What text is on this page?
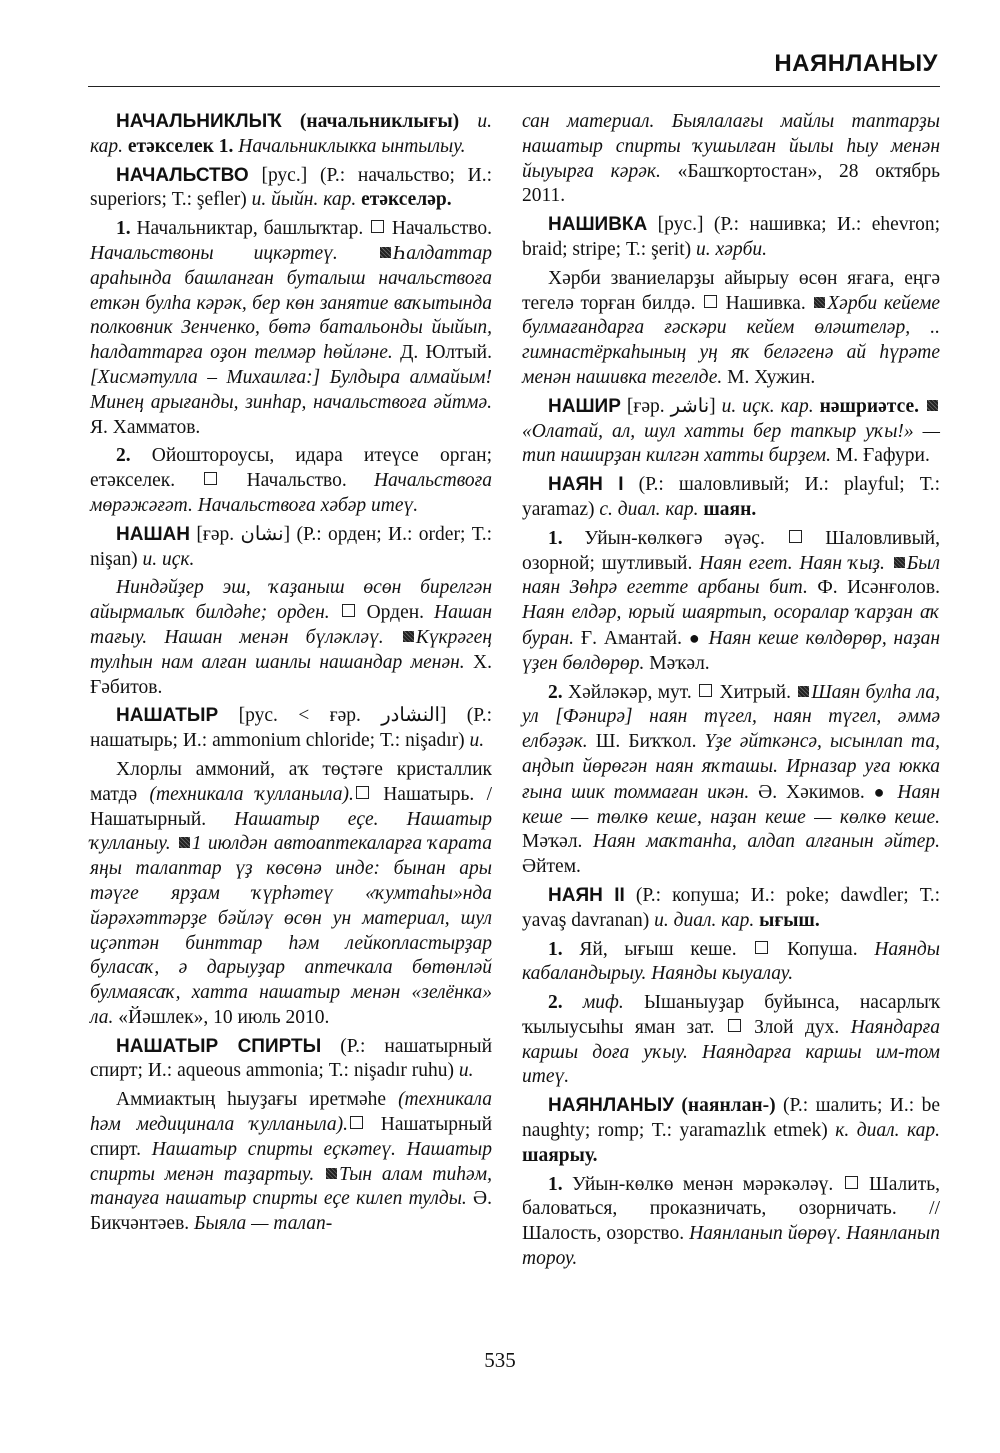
НАЯНЛАНЫУ

НАЧАЛЬНИКЛЫҠ (начальниклығы) и. кар. етәкселек 1. Начальниклыкка ынтылыу.

НАЧАЛЬСТВО [рус.] (Р.: начальство; И.: superiors; Т.: şefler) и. йыйн. кар. етәкселәр.

1. Начальниктар, башлыҡтар.  Начальство. Начальствоны ицкәртеү. Һалдаттар араһында башланған буталыш начальствоға еткән булһа кәрәк, бер көн занятие ваҡытында полковник Зенченко, бөтә батальонды йыйып, һалдаттарға оҙон телмәр һөйләне. Д. Юлтый. [Хисмәтулла – Михаилға:] Булдыра алмайым! Минең арығанды, зинһар, начальствоға әйтмә. Я. Хамматов.

2. Ойоштороусы, идара итеүсе орган; етәкселек.  Начальство. Начальствоға мөрәжәғәт. Начальствоға хәбәр итеү.

НАШАН [ғәр. نشان] (Р.: орден; И.: order; Т.: nişan) и. иҫк.

Ниндәйҙер эш, ҡаҙаныш өсөн бирелгән айырмалыҡ билдәһе; орден.  Орден. Нашан тағыу. Нашан менән бүләкләү. Күкрәгең тулһын нам алған шанлы нашандар менән. Х. Ғәбитов.

НАШАТЫР [рус. < ғәр. النشادر] (Р.: нашатырь; И.: ammonium chloride; Т.: nişadır) и.

Хлорлы аммоний, аҡ төҫтәге кристаллик матдә (техникала ҡулланыла). Нашатырь. / Нашатырный. Нашатыр еҫе. Нашатыр ҡулланыу. 1 июлдән автоаптекаларға ҡарата яңы талаптар үҙ көсөнә инде: бынан ары тәүге ярҙам ҡүрһәтеү «ҡумтаһы»нда йәрәхәттәрҙе бәйләү өсөн ун материал, шул иҫәптән бинттар һәм лейкопластырҙар буласаҡ, ә дарыуҙар аптечкала бөтөнләй булмаясаҡ, хатта нашатыр менән «зелёнка» ла. «Йәшлек», 10 июль 2010.

НАШАТЫР СПИРТЫ (Р.: нашатырный спирт; И.: aqueous ammonia; Т.: nişadır ruhu) и.

Аммиактың һыуҙағы иретмәһе (техникала һәм медицинала ҡулланыла). Нашатырный спирт. Нашатыр спирты еҫкәтеү. Нашатыр спирты менән таҙартыу. Тын алам тиһәм, танауға нашатыр спирты еҫе килеп тулды. Ә. Бикчәнтәев. Быяла — талап-

сан материал. Быялалағы майлы таптарҙы нашатыр спирты ҡушылған йылы һыу менән йыуырға кәрәк. «Башҡортостан», 28 октябрь 2011.

НАШИВКА [рус.] (Р.: нашивка; И.: ehevron; braid; stripe; Т.: şerit) и. хәрби.

Хәрби званиеларҙы айырыу өсөн яғаға, еңгә тегелә торған билдә.  Нашивка. Хәрби кейеме булмағандарға ғәскәри кейем өләштеләр, .. гимнастёркаһының уң яҡ беләгенә ай һүрәте менән нашивка тегелде. М. Хужин.

НАШИР [ғәр. ناشر] и. иҫк. кар. нәшриәтсе. «Олатай, ал, шул хатты бер тапкыр уҡы!» — тип наширҙан килгән хатты бирҙем. М. Ғафури.

НАЯН I (Р.: шаловливый; И.: playful; Т.: yaramaz) с. диал. кар. шаян.

1. Уйын-көлкөгә әүәҫ.  Шаловливый, озорной; шутливый. Наян егет. Наян ҡыҙ. Был наян Зөһрә егетте арбаны бит. Ф. Исәнғолов. Наян елдәр, юрый шаяртып, осоралар ҡарҙан аҡ буран. Ғ. Амантай. ● Наян кеше көлдөрөр, наҙан үҙен бөлдөрөр. Мәҡәл.

2. Хәйләкәр, мут.  Хитрый. Шаян булһа ла, ул [Фәнирә] наян түгел, наян түгел, әммә елбәҙәк. Ш. Биҡҡол. Үҙе әйткәнсә, ысынлап та, аңдып йөрөгән наян яҡташы. Ирназар уға юкка ғына шик томмаған икән. Ә. Хәкимов. ● Наян кеше — төлкө кеше, наҙан кеше — көлкө кеше. Мәҡәл. Наян маҡтанһа, алдап алғанын әйтер. Әйтем.

НАЯН II (Р.: копуша; И.: poke; dawdler; Т.: yavaş davranan) и. диал. кар. ығыш.

1. Яй, ығыш кеше.  Копуша. Наянды кабаландырыу. Наянды кыуалау.

2. миф. Ышаныуҙар буйынса, насарлыҡ ҡылыусыһы яман зат.  Злой дух. Наяндарға каршы доға уҡыу. Наяндарға каршы им-том итеү.

НАЯНЛАНЫУ (наянлан-) (Р.: шалить; И.: be naughty; romp; Т.: yaramazlık etmek) к. диал. кар. шаярыу.

1. Уйын-көлкө менән мәрәкәләү.  Шалить, баловаться, проказничать, озорничать. // Шалость, озорство. Наянланып йөрөү. Наянланып тороу.

535
